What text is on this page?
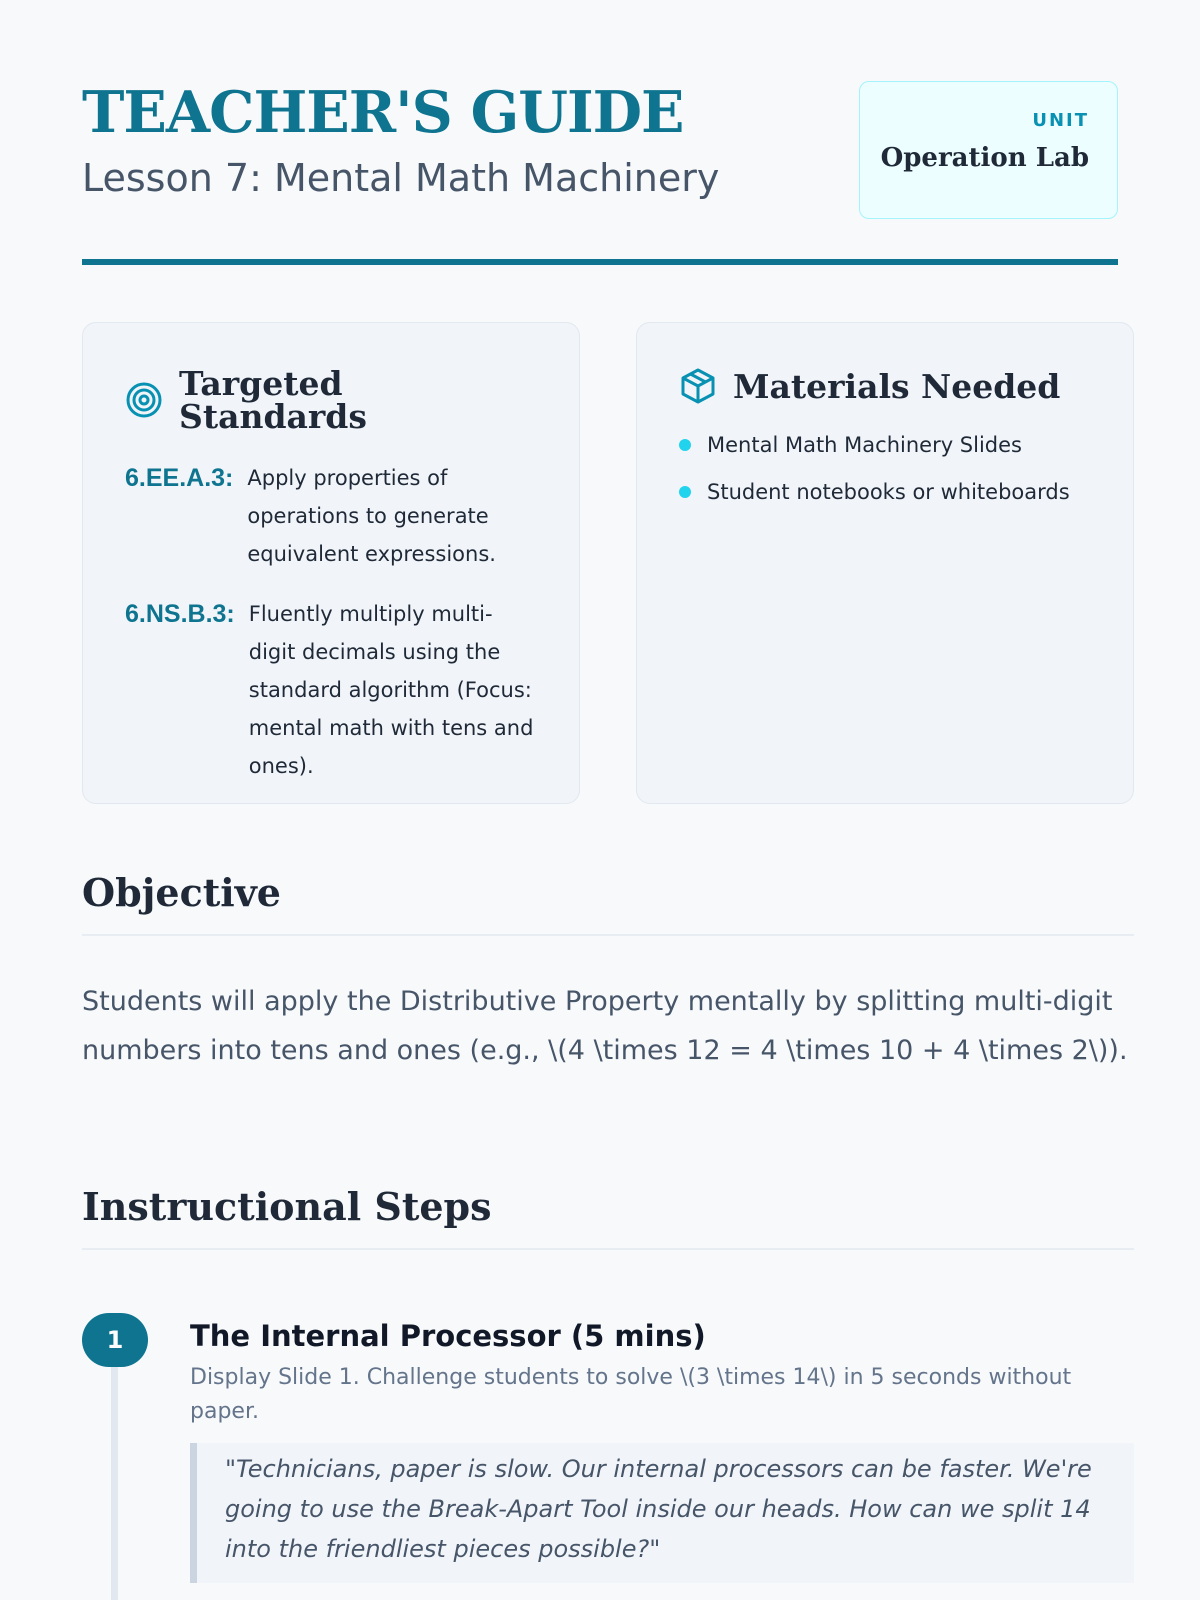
TEACHER'S GUIDE
Lesson 7: Mental Math Machinery
UNIT
Operation Lab
Targeted Standards
6.EE.A.3: Apply properties of operations to generate equivalent expressions.
6.NS.B.3: Fluently multiply multi-digit decimals using the standard algorithm (Focus: mental math with tens and ones).
Materials Needed
Mental Math Machinery Slides
Student notebooks or whiteboards
Objective

Students will apply the Distributive Property mentally by splitting multi-digit numbers into tens and ones (e.g., \(4 \times 12 = 4 \times 10 + 4 \times 2\)).

Instructional Steps
1	The Internal Processor (5 mins)
Display Slide 1. Challenge students to solve \(3 \times 14\) in 5 seconds without paper.
"Technicians, paper is slow. Our internal processors can be faster. We're going to use the Break-Apart Tool inside our heads. How can we split 14 into the friendliest pieces possible?"
